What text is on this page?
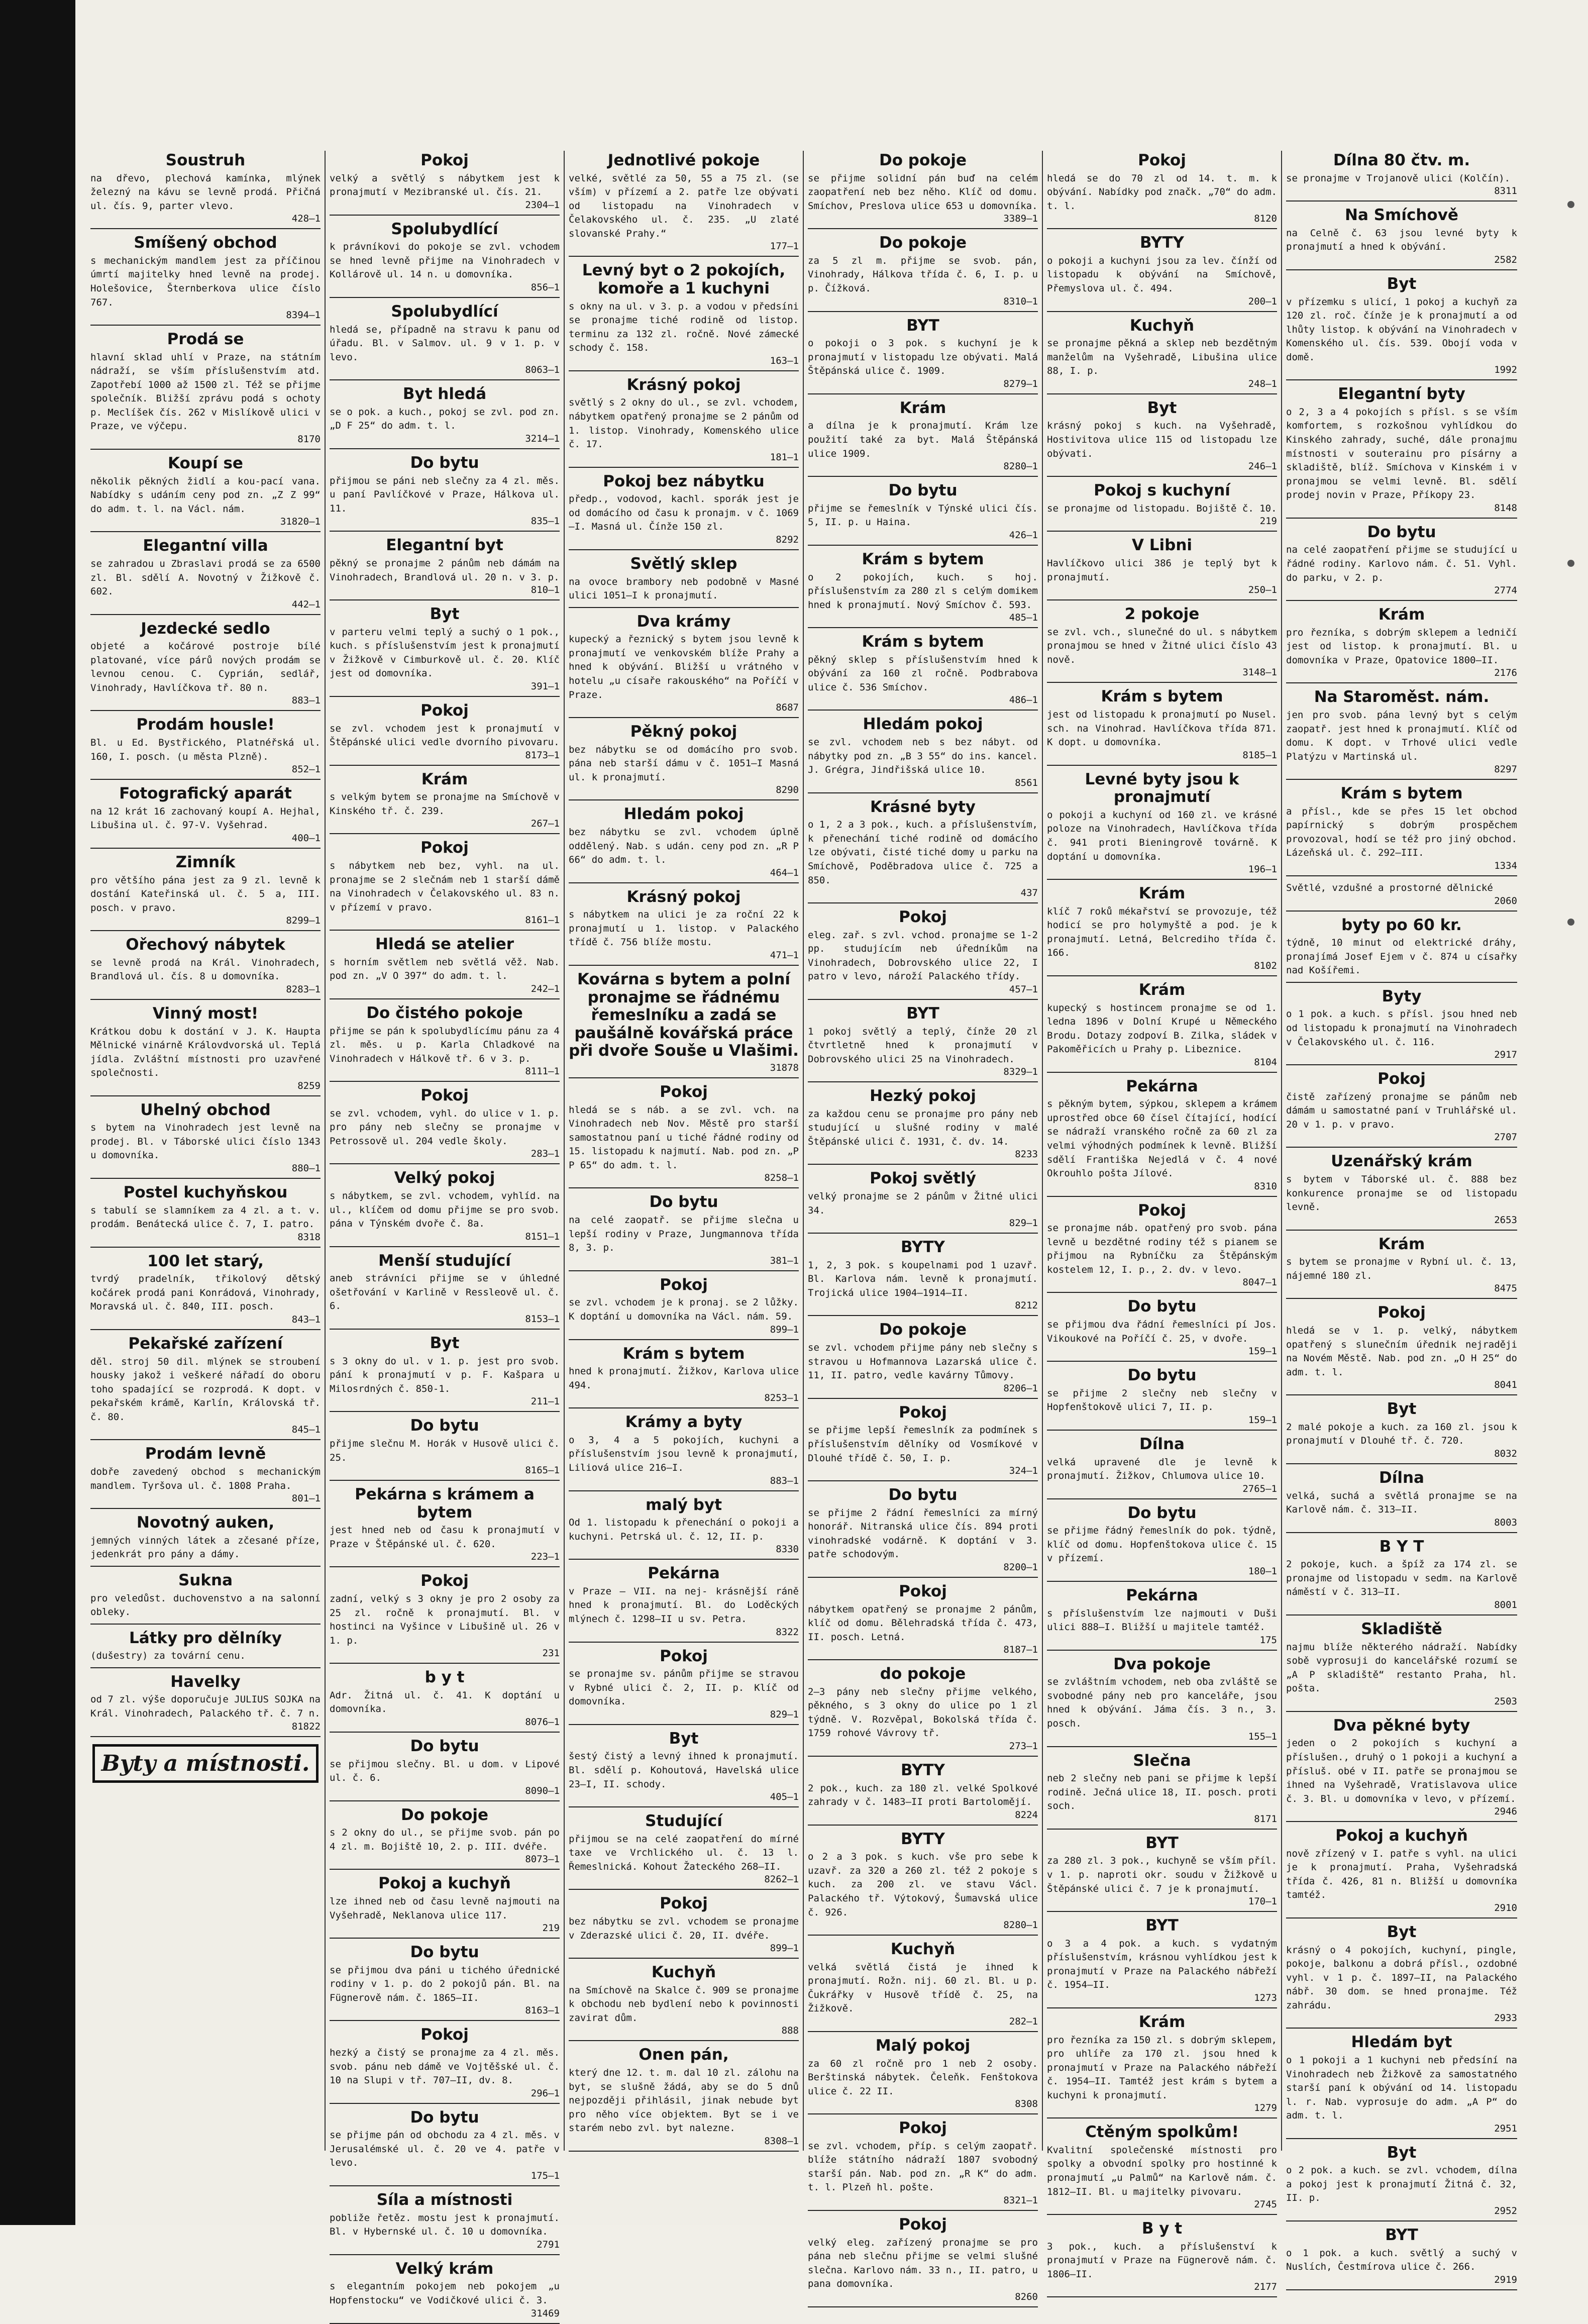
Soustruh

na dřevo, plechová kamínka, mlýnek železný na kávu se levně prodá. Přičná ul. čís. 9, parter vlevo.

428—1

Smíšený obchod

s mechanickým mandlem jest za příčinou úmrtí majitelky hned levně na prodej. Holešovice, Šternberkova ulice číslo 767.

8394—1

Prodá se

hlavní sklad uhlí v Praze, na státním nádraží, se vším příslušenstvím atd. Zapotřebí 1000 až 1500 zl. Též se přijme společník. Bližší zprávu podá s ochoty p. Meclíšek čís. 262 v Mislíkově ulici v Praze, ve výčepu.

8170

Koupí se

několik pěkných židlí a kou-pací vana. Nabídky s udáním ceny pod zn. „Z Z 99“ do adm. t. l. na Václ. nám.

31820—1

Elegantní villa

se zahradou u Zbraslavi prodá se za 6500 zl. Bl. sdělí A. Novotný v Žižkově č. 602.

442—1

Jezdecké sedlo

objeté a kočárové postroje bílé platované, více párů nových prodám se levnou cenou. C. Cyprián, sedlář, Vinohrady, Havlíčkova tř. 80 n.

883—1

Prodám housle!

Bl. u Ed. Bystřického, Platnéřská ul. 160, I. posch. (u města Plzně).

852—1

Fotografický aparát

na 12 krát 16 zachovaný koupí A. Hejhal, Libušina ul. č. 97-V. Vyšehrad.

400—1

Zimník

pro většího pána jest za 9 zl. levně k dostání Kateřinská ul. č. 5 a, III. posch. v pravo.

8299—1

Ořechový nábytek

se levně prodá na Král. Vinohradech, Brandlová ul. čís. 8 u domovníka.

8283—1

Vinný most!

Krátkou dobu k dostání v J. K. Haupta Mělnické vinárně Královdvorská ul. Teplá jídla. Zvláštní místnosti pro uzavřené společnosti.

8259

Uhelný obchod

s bytem na Vinohradech jest levně na prodej. Bl. v Táborské ulici číslo 1343 u domovníka.

880—1

Postel kuchyňskou

s tabulí se slamníkem za 4 zl. a t. v. prodám. Benátecká ulice č. 7, I. patro.

8318

100 let starý,

tvrdý pradelník, třikolový dětský kočárek prodá pani Konrádová, Vinohrady, Moravská ul. č. 840, III. posch.

843—1

Pekařské zařízení

děl. stroj 50 dil. mlýnek se stroubení housky jakož i veškeré nářadí do oboru toho spadající se rozprodá. K dopt. v pekařském krámě, Karlín, Královská tř. č. 80.

845—1

Prodám levně

dobře zavedený obchod s mechanickým mandlem. Tyršova ul. č. 1808 Praha.

801—1

Novotný auken,

jemných vinných látek a zčesané příze, jedenkrát pro pány a dámy.

Sukna

pro veledůst. duchovenstvo a na salonní obleky.

Látky pro dělníky

(dušestry) za tovární cenu.

Havelky

od 7 zl. výše doporučuje JULIUS SOJKA na Král. Vinohradech, Palackého tř. č. 7 n.

81822

Byty a místnosti.
Pokoj

velký a světlý s nábytkem jest k pronajmutí v Mezibranské ul. čís. 21.

2304—1

Spolubydlící

k právníkovi do pokoje se zvl. vchodem se hned levně přijme na Vinohradech v Kollárově ul. 14 n. u domovníka.

856—1

Spolubydlící

hledá se, případně na stravu k panu od úřadu. Bl. v Salmov. ul. 9 v 1. p. v levo.

8063—1

Byt hledá

se o pok. a kuch., pokoj se zvl. pod zn. „D F 25“ do adm. t. l.

3214—1

Do bytu

přijmou se páni neb slečny za 4 zl. měs. u paní Pavlíčkové v Praze, Hálkova ul. 11.

835—1

Elegantní byt

pěkný se pronajme 2 pánům neb dámám na Vinohradech, Brandlová ul. 20 n. v 3. p.

810—1

Byt

v parteru velmi teplý a suchý o 1 pok., kuch. s příslušenstvím jest k pronajmutí v Žižkově v Cimburkově ul. č. 20. Klíč jest od domovníka.

391—1

Pokoj

se zvl. vchodem jest k pronajmutí v Štěpánské ulici vedle dvorního pivovaru.

8173—1

Krám

s velkým bytem se pronajme na Smíchově v Kinského tř. č. 239.

267—1

Pokoj

s nábytkem neb bez, vyhl. na ul. pronajme se 2 slečnám neb 1 starší dámě na Vinohradech v Čelakovského ul. 83 n. v přízemí v pravo.

8161—1

Hledá se atelier

s horním světlem neb světlá věž. Nab. pod zn. „V O 397“ do adm. t. l.

242—1

Do čistého pokoje

přijme se pán k spolubydlícímu pánu za 4 zl. měs. u p. Karla Chladkové na Vinohradech v Hálkově tř. 6 v 3. p.

8111—1

Pokoj

se zvl. vchodem, vyhl. do ulice v 1. p. pro pány neb slečny se pronajme v Petrossově ul. 204 vedle školy.

283—1

Velký pokoj

s nábytkem, se zvl. vchodem, vyhlíd. na ul., klíčem od domu přijme se pro svob. pána v Týnském dvoře č. 8a.

8151—1

Menší studující

aneb strávníci přijme se v úhledné ošetřování v Karlině v Ressleově ul. č. 6.

8153—1

Byt

s 3 okny do ul. v 1. p. jest pro svob. pání k pronajmutí v p. F. Kašpara u Milosrdných č. 850-1.

211—1

Do bytu

přijme slečnu M. Horák v Husově ulici č. 25.

8165—1

Pekárna s krámem a bytem

jest hned neb od času k pronajmutí v Praze v Štěpánské ul. č. 620.

223—1

Pokoj

zadní, velký s 3 okny je pro 2 osoby za 25 zl. ročně k pronajmutí. Bl. v hostinci na Vyšince v Libušině ul. 26 v 1. p.

231

b y t

Adr. Žitná ul. č. 41. K doptání u domovníka.

8076—1

Do bytu

se přijmou slečny. Bl. u dom. v Lipové ul. č. 6.

8090—1

Do pokoje

s 2 okny do ul., se přijme svob. pán po 4 zl. m. Bojiště 10, 2. p. III. dvéře.

8073—1

Pokoj a kuchyň

lze ihned neb od času levně najmouti na Vyšehradě, Neklanova ulice 117.

219

Do bytu

se přijmou dva páni u tichého úřednické rodiny v 1. p. do 2 pokojů pán. Bl. na Fügnerově nám. č. 1865—II.

8163—1

Pokoj

hezký a čistý se pronajme za 4 zl. měs. svob. pánu neb dámě ve Vojtěšské ul. č. 10 na Slupi v tř. 707—II, dv. 8.

296—1

Do bytu

se přijme pán od obchodu za 4 zl. měs. v Jerusalémské ul. č. 20 ve 4. patře v levo.

175—1

Síla a místnosti

pobliže řetěz. mostu jest k pronajmutí. Bl. v Hybernské ul. č. 10 u domovníka.

2791

Velký krám

s elegantním pokojem neb pokojem „u Hopfenstocku“ ve Vodičkové ulici č. 3.

31469

Jednotlivé pokoje

velké, světlé za 50, 55 a 75 zl. (se vším) v přízemí a 2. patře lze obývati od listopadu na Vinohradech v Čelakovského ul. č. 235. „U zlaté slovanské Prahy.“

177—1

Levný byt o 2 pokojích, komoře a 1 kuchyni

s okny na ul. v 3. p. a vodou v předsíni se pronajme tiché rodině od listop. terminu za 132 zl. ročně. Nové zámecké schody č. 158.

163—1

Krásný pokoj

světlý s 2 okny do ul., se zvl. vchodem, nábytkem opatřený pronajme se 2 pánům od 1. listop. Vinohrady, Komenského ulice č. 17.

181—1

Pokoj bez nábytku

předp., vodovod, kachl. sporák jest je od domácího od času k pronajm. v č. 1069—I. Masná ul. Čínže 150 zl.

8292

Světlý sklep

na ovoce brambory neb podobně v Masné ulici 1051—I k pronajmutí.

Dva krámy

kupecký a řeznický s bytem jsou levně k pronajmutí ve venkovském blíže Prahy a hned k obývání. Bližší u vrátného v hotelu „u císaře rakouského“ na Poříčí v Praze.

8687

Pěkný pokoj

bez nábytku se od domácího pro svob. pána neb starší dámu v č. 1051—I Masná ul. k pronajmutí.

8290

Hledám pokoj

bez nábytku se zvl. vchodem úplně oddělený. Nab. s udán. ceny pod zn. „R P 66“ do adm. t. l.

464—1

Krásný pokoj

s nábytkem na ulici je za roční 22 k pronajmutí u 1. listop. v Palackého třídě č. 756 blíže mostu.

471—1

Kovárna s bytem a polní pronajme se řádnému řemeslníku a zadá se paušálně kovářská práce při dvoře Souše u Vlašimi.

31878

Pokoj

hledá se s náb. a se zvl. vch. na Vinohradech neb Nov. Městě pro starší samostatnou paní u tiché řádné rodiny od 15. listopadu k najmutí. Nab. pod zn. „P P 65“ do adm. t. l.

8258—1

Do bytu

na celé zaopatř. se přijme slečna u lepší rodiny v Praze, Jungmannova třída 8, 3. p.

381—1

Pokoj

se zvl. vchodem je k pronaj. se 2 lůžky. K doptání u domovníka na Václ. nám. 59.

899—1

Krám s bytem

hned k pronajmutí. Žižkov, Karlova ulice 494.

8253—1

Krámy a byty

o 3, 4 a 5 pokojích, kuchyni a příslušenstvím jsou levně k pronajmutí, Liliová ulice 216—I.

883—1

malý byt

Od 1. listopadu k přenechání o pokoji a kuchyni. Petrská ul. č. 12, II. p.

8330

Pekárna

v Praze — VII. na nej- krásnější ráně hned k pronajmutí. Bl. do Loděckých mlýnech č. 1298—II u sv. Petra.

8322

Pokoj

se pronajme sv. pánům přijme se stravou v Rybné ulici č. 2, II. p. Klíč od domovníka.

829—1

Byt

šestý čistý a levný ihned k pronajmutí. Bl. sdělí p. Kohoutová, Havelská ulice 23—I, II. schody.

405—1

Studující

přijmou se na celé zaopatření do mírné taxe ve Vrchlického ul. č. 13 l. Řemeslnická. Kohout Žateckého 268—II.

8262—1

Pokoj

bez nábytku se zvl. vchodem se pronajme v Zderazské ulici č. 20, II. dvéře.

899—1

Kuchyň

na Smíchově na Skalce č. 909 se pronajme k obchodu neb bydlení nebo k povinnosti zavirat dům.

888

Onen pán,

který dne 12. t. m. dal 10 zl. zálohu na byt, se slušně žádá, aby se do 5 dnů nejpozději přihlásil, jinak nebude byt pro něho více objektem. Byt se i ve starém nebo zvl. byt nalezne.

8308—1

Do pokoje

se přijme solidní pán buď na celém zaopatření neb bez něho. Klíč od domu. Smíchov, Preslova ulice 653 u domovníka.

3389—1

Do pokoje

za 5 zl m. přijme se svob. pán, Vinohrady, Hálkova třída č. 6, I. p. u p. Čížková.

8310—1

BYT

o pokoji o 3 pok. s kuchyní je k pronajmutí v listopadu lze obývati. Malá Štěpánská ulice č. 1909.

8279—1

Krám

a dílna je k pronajmutí. Krám lze použití také za byt. Malá Štěpánská ulice 1909.

8280—1

Do bytu

přijme se řemeslník v Týnské ulici čís. 5, II. p. u Haina.

426—1

Krám s bytem

o 2 pokojích, kuch. s hoj. příslušenstvím za 280 zl s celým domikem hned k pronajmutí. Nový Smíchov č. 593.

485—1

Krám s bytem

pěkný sklep s příslušenstvím hned k obývání za 160 zl ročně. Podbrabova ulice č. 536 Smíchov.

486—1

Hledám pokoj

se zvl. vchodem neb s bez nábyt. od nábytky pod zn. „B 3 55“ do ins. kancel. J. Grégra, Jindřišská ulice 10.

8561

Krásné byty

o 1, 2 a 3 pok., kuch. a příslušenstvím, k přenechání tiché rodině od domácího lze obývati, čisté tiché domy u parku na Smíchově, Poděbradova ulice č. 725 a 850.

437

Pokoj

eleg. zař. s zvl. vchod. pronajme se 1-2 pp. studujícím neb úředníkům na Vinohradech, Dobrovského ulice 22, I patro v levo, nároží Palackého třídy.

457—1

BYT

1 pokoj světlý a teplý, čínže 20 zl čtvrtletně hned k pronajmutí v Dobrovského ulici 25 na Vinohradech.

8329—1

Hezký pokoj

za každou cenu se pronajme pro pány neb studující u slušné rodiny v malé Štěpánské ulici č. 1931, č. dv. 14.

8233

Pokoj světlý

velký pronajme se 2 pánům v Žitné ulici 34.

829—1

BYTY

1, 2, 3 pok. s koupelnami pod 1 uzavř. Bl. Karlova nám. levně k pronajmutí. Trojická ulice 1904—1914—II.

8212

Do pokoje

se zvl. vchodem přijme pány neb slečny s stravou u Hofmannova Lazarská ulice č. 11, II. patro, vedle kavárny Tůmovy.

8206—1

Pokoj

se přijme lepší řemeslník za podmínek s příslušenstvím dělníky od Vosmíkové v Dlouhé třídě č. 50, I. p.

324—1

Do bytu

se přijme 2 řádní řemeslníci za mírný honorář. Nitranská ulice čís. 894 proti vinohradské vodárně. K doptání v 3. patře schodovým.

8200—1

Pokoj

nábytkem opatřený se pronajme 2 pánům, klíč od domu. Bělehradská třída č. 473, II. posch. Letná.

8187—1

do pokoje

2—3 pány neb slečny přijme velkého, pěkného, s 3 okny do ulice po 1 zl týdně. V. Rozvěpal, Bokolská třída č. 1759 rohové Vávrovy tř.

273—1

BYTY

2 pok., kuch. za 180 zl. velké Spolkové zahrady v č. 1483—II proti Bartolomějí.

8224

BYTY

o 2 a 3 pok. s kuch. vše pro sebe k uzavř. za 320 a 260 zl. též 2 pokoje s kuch. za 200 zl. ve stavu Václ. Palackého tř. Výtokový, Šumavská ulice č. 926.

8280—1

Kuchyň

velká světlá čistá je ihned k pronajmutí. Rožn. nij. 60 zl. Bl. u p. Čukrářky v Husově třídě č. 25, na Žižkově.

282—1

Malý pokoj

za 60 zl ročně pro 1 neb 2 osoby. Berštinská nábytek. Čeleňk. Fenštokova ulice č. 22 II.

8308

Pokoj

se zvl. vchodem, příp. s celým zaopatř. blíže státního nádraží 1807 svobodný starší pán. Nab. pod zn. „R K“ do adm. t. l. Plzeň hl. pošte.

8321—1

Pokoj

velký eleg. zařízený pronajme se pro pána neb slečnu přijme se velmi slušné slečna. Karlovo nám. 33 n., II. patro, u pana domovníka.

8260

Pokoj

hledá se do 70 zl od 14. t. m. k obývání. Nabídky pod značk. „70“ do adm. t. l.

8120

BYTY

o pokoji a kuchyni jsou za lev. čínží od listopadu k obývání na Smíchově, Přemyslova ul. č. 494.

200—1

Kuchyň

se pronajme pěkná a sklep neb bezdětným manželům na Vyšehradě, Libušina ulice 88, I. p.

248—1

Byt

krásný pokoj s kuch. na Vyšehradě, Hostivitova ulice 115 od listopadu lze obývati.

246—1

Pokoj s kuchyní

se pronajme od listopadu. Bojiště č. 10.

219

V Libni

Havlíčkovo ulici 386 je teplý byt k pronajmutí.

250—1

2 pokoje

se zvl. vch., slunečné do ul. s nábytkem pronajmou se hned v Žitné ulici číslo 43 nově.

3148—1

Krám s bytem

jest od listopadu k pronajmutí po Nusel. sch. na Vinohrad. Havlíčkova třída 871. K dopt. u domovníka.

8185—1

Levné byty jsou k pronajmutí

o pokoji a kuchyní od 160 zl. ve krásné poloze na Vinohradech, Havlíčkova třída č. 941 proti Bieningrově továrně. K doptání u domovníka.

196—1

Krám

klíč 7 roků mékařství se provozuje, též hodicí se pro holymyště a pod. je k pronajmutí. Letná, Belcrediho třída č. 166.

8102

Krám

kupecký s hostincem pronajme se od 1. ledna 1896 v Dolní Krupé u Německého Brodu. Dotazy zodpoví B. Zilka, sládek v Pakoměřicích u Prahy p. Libeznice.

8104

Pekárna

s pěkným bytem, sýpkou, sklepem a krámem uprostřed obce 60 čísel čítající, hodící se nádraží vranského ročně za 60 zl za velmi výhodných podmínek k levně. Bližší sdělí Františka Nejedlá v č. 4 nové Okrouhlo pošta Jílové.

8310

Pokoj

se pronajme náb. opatřený pro svob. pána levně u bezdětné rodiny též s pianem se přijmou na Rybníčku za Štěpánským kostelem 12, I. p., 2. dv. v levo.

8047—1

Do bytu

se přijmou dva řádní řemeslníci pí Jos. Vikoukové na Poříčí č. 25, v dvoře.

159—1

Do bytu

se přijme 2 slečny neb slečny v Hopfenštokově ulici 7, II. p.

159—1

Dílna

velká upravené dle je levně k pronajmutí. Žižkov, Chlumova ulice 10.

2765—1

Do bytu

se přijme řádný řemeslník do pok. týdně, klíč od domu. Hopfenštokova ulice č. 15 v přízemí.

180—1

Pekárna

s příslušenstvím lze najmouti v Duši ulici 888—I. Bližší u majitele tamtéž.

175

Dva pokoje

se zvláštním vchodem, neb oba zvláště se svobodné pány neb pro kanceláře, jsou hned k obývání. Jáma čís. 3 n., 3. posch.

155—1

Slečna

neb 2 slečny neb pani se přijme k lepší rodině. Ječná ulice 18, II. posch. proti soch.

8171

BYT

za 280 zl. 3 pok., kuchyně se vším příl. v 1. p. naproti okr. soudu v Žižkově u Štěpánské ulici č. 7 je k pronajmutí.

170—1

BYT

o 3 a 4 pok. a kuch. s vydatným příslušenstvím, krásnou vyhlídkou jest k pronajmutí v Praze na Palackého nábřeží č. 1954—II.

1273

Krám

pro řezníka za 150 zl. s dobrým sklepem, pro uhlíře za 170 zl. jsou hned k pronajmutí v Praze na Palackého nábřeží č. 1954—II. Tamtéž jest krám s bytem a kuchyni k pronajmutí.

1279

Ctěným spolkům!

Kvalitní společenské místnosti pro spolky a obvodní spolky pro hostinné k pronajmutí „u Palmů“ na Karlově nám. č. 1812—II. Bl. u majitelky pivovaru.

2745

B y t

3 pok., kuch. a příslušenství k pronajmutí v Praze na Fügnerově nám. č. 1806—II.

2177

Dílna 80 čtv. m.

se pronajme v Trojanově ulici (Kolčín).

8311

Na Smíchově

na Celně č. 63 jsou levné byty k pronajmutí a hned k obývání.

2582

Byt

v přízemku s ulicí, 1 pokoj a kuchyň za 120 zl. roč. čínže je k pronajmutí a od lhůty listop. k obývání na Vinohradech v Komenského ul. čís. 539. Obojí voda v domě.

1992

Elegantní byty

o 2, 3 a 4 pokojích s přísl. s se vším komfortem, s rozkošnou vyhlídkou do Kinského zahrady, suché, dále pronajmu místnosti v souterainu pro písárny a skladiště, blíž. Smíchova v Kinském i v pronajmou se velmi levně. Bl. sdělí prodej novin v Praze, Příkopy 23.

8148

Do bytu

na celé zaopatření přijme se studující u řádné rodiny. Karlovo nám. č. 51. Vyhl. do parku, v 2. p.

2774

Krám

pro řezníka, s dobrým sklepem a ledničí jest od listop. k pronajmutí. Bl. u domovníka v Praze, Opatovice 1800—II.

2176

Na Staroměst. nám.

jen pro svob. pána levný byt s celým zaopatř. jest hned k pronajmutí. Klíč od domu. K dopt. v Trhové ulici vedle Platýzu v Martinská ul.

8297

Krám s bytem

a přísl., kde se přes 15 let obchod papírnický s dobrým prospěchem provozoval, hodí se též pro jiný obchod. Lázeňská ul. č. 292—III.

1334

Světlé, vzdušné a prostorné dělnické

2060

byty po 60 kr.

týdně, 10 minut od elektrické dráhy, pronajímá Josef Ejem v č. 874 u císařky nad Košířemi.

Byty

o 1 pok. a kuch. s přísl. jsou hned neb od listopadu k pronajmutí na Vinohradech v Čelakovského ul. č. 116.

2917

Pokoj

čistě zařízený pronajme se pánům neb dámám u samostatné paní v Truhlářské ul. 20 v 1. p. v pravo.

2707

Uzenářský krám

s bytem v Táborské ul. č. 888 bez konkurence pronajme se od listopadu levně.

2653

Krám

s bytem se pronajme v Rybní ul. č. 13, nájemné 180 zl.

8475

Pokoj

hledá se v 1. p. velký, nábytkem opatřený s slunečním úřednik nejraději na Novém Městě. Nab. pod zn. „O H 25“ do adm. t. l.

8041

Byt

2 malé pokoje a kuch. za 160 zl. jsou k pronajmutí v Dlouhé tř. č. 720.

8032

Dílna

velká, suchá a světlá pronajme se na Karlově nám. č. 313—II.

8003

B Y T

2 pokoje, kuch. a špíž za 174 zl. se pronajme od listopadu v sedm. na Karlově náměstí v č. 313—II.

8001

Skladiště

najmu blíže některého nádraží. Nabídky sobě vyprosuji do kancelářské rozumí se „A P skladiště“ restanto Praha, hl. pošta.

2503

Dva pěkné byty

jeden o 2 pokojích s kuchyní a příslušen., druhý o 1 pokoji a kuchyní a přísluš. obé v II. patře se pronajmou se ihned na Vyšehradě, Vratislavova ulice č. 3. Bl. u domovníka v levo, v přízemí.

2946

Pokoj a kuchyň

nově zřízený v I. patře s vyhl. na ulici je k pronajmutí. Praha, Vyšehradská třída č. 426, 81 n. Bližší u domovníka tamtéž.

2910

Byt

krásný o 4 pokojích, kuchyní, pingle, pokoje, balkonu a dobrá přísl., ozdobné vyhl. v 1 p. č. 1897—II, na Palackého nábř. 30 dom. se hned pronajme. Též zahrádu.

2933

Hledám byt

o 1 pokoji a 1 kuchyni neb předsíní na Vinohradech neb Žižkově za samostatného starší paní k obývání od 14. listopadu l. r. Nab. vyprosuje do adm. „A P“ do adm. t. l.

2951

Byt

o 2 pok. a kuch. se zvl. vchodem, dílna a pokoj jest k pronajmutí Žitná č. 32, II. p.

2952

BYT

o 1 pok. a kuch. světlý a suchý v Nuslích, Čestmírova ulice č. 266.

2919
